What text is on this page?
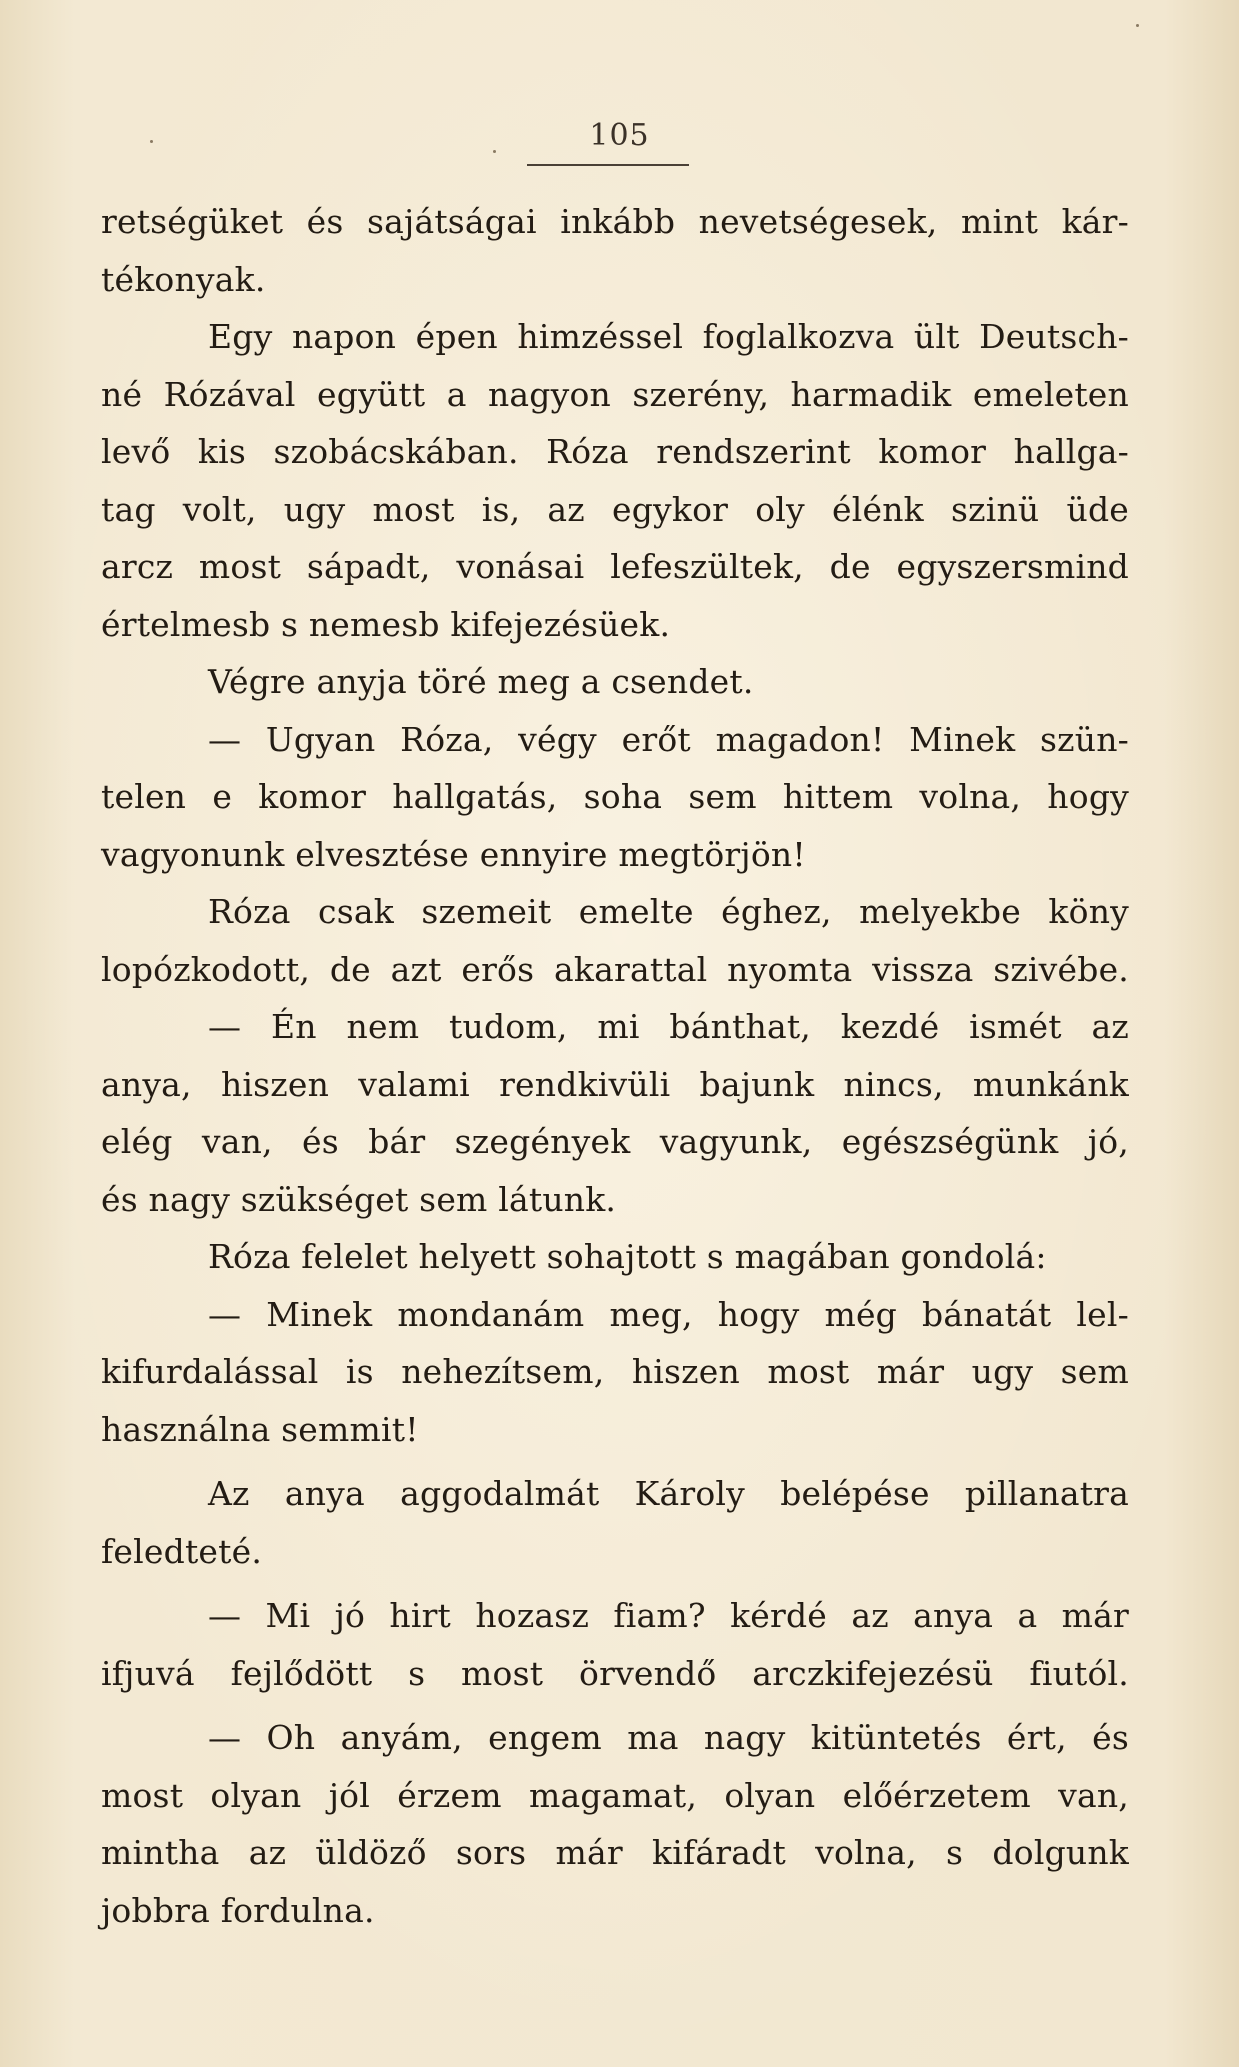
105
retségüket és sajátságai inkább nevetségesek, mint kár-
tékonyak.
Egy napon épen himzéssel foglalkozva ült Deutsch-
né Rózával együtt a nagyon szerény, harmadik emeleten
levő kis szobácskában. Róza rendszerint komor hallga-
tag volt, ugy most is, az egykor oly élénk szinü üde
arcz most sápadt, vonásai lefeszültek, de egyszersmind
értelmesb s nemesb kifejezésüek.
Végre anyja töré meg a csendet.
— Ugyan Róza, végy erőt magadon! Minek szün-
telen e komor hallgatás, soha sem hittem volna, hogy
vagyonunk elvesztése ennyire megtörjön!
Róza csak szemeit emelte éghez, melyekbe köny
lopózkodott, de azt erős akarattal nyomta vissza szivébe.
— Én nem tudom, mi bánthat, kezdé ismét az
anya, hiszen valami rendkivüli bajunk nincs, munkánk
elég van, és bár szegények vagyunk, egészségünk jó,
és nagy szükséget sem látunk.
Róza felelet helyett sohajtott s magában gondolá:
— Minek mondanám meg, hogy még bánatát lel-
kifurdalással is nehezítsem, hiszen most már ugy sem
használna semmit!
Az anya aggodalmát Károly belépése pillanatra
feledteté.
— Mi jó hirt hozasz fiam? kérdé az anya a már
ifjuvá fejlődött s most örvendő arczkifejezésü fiutól.
— Oh anyám, engem ma nagy kitüntetés ért, és
most olyan jól érzem magamat, olyan előérzetem van,
mintha az üldöző sors már kifáradt volna, s dolgunk
jobbra fordulna.
